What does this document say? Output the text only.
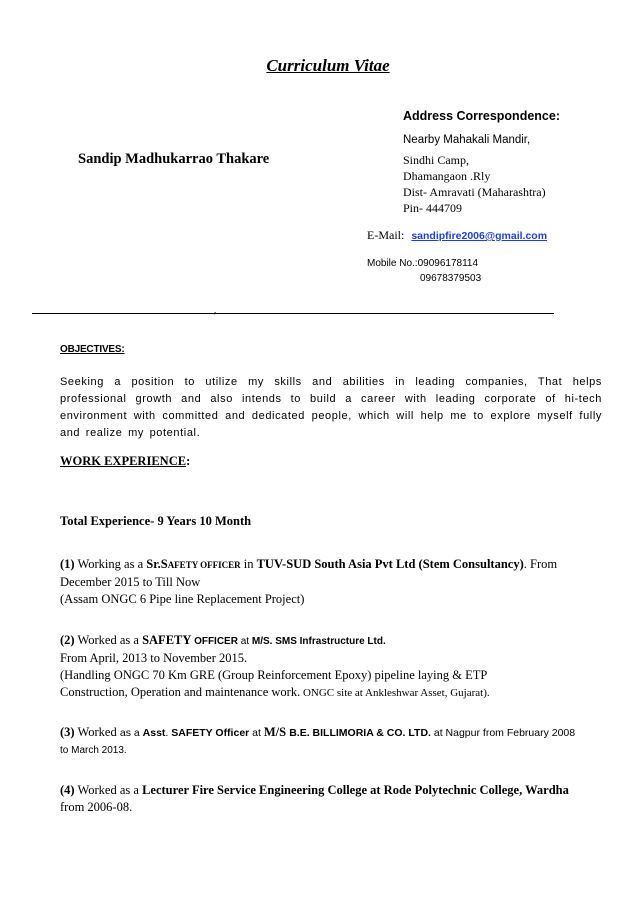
Curriculum Vitae
Sandip Madhukarrao Thakare
Address Correspondence:
Nearby Mahakali Mandir,
Sindhi Camp,
Dhamangaon .Rly
Dist- Amravati (Maharashtra)
Pin- 444709
E-Mail: sandipfire2006@gmail.com
Mobile No.:09096178114
09678379503
,
OBJECTIVES:
Seeking a position to utilize my skills and abilities in leading companies, That helps professional growth and also intends to build a career with leading corporate of hi-tech environment with committed and dedicated people, which will help me to explore myself fully and realize my potential.
WORK EXPERIENCE:
Total Experience- 9 Years 10 Month
(1) Working as a Sr.SAFETY OFFICER in TUV-SUD South Asia Pvt Ltd (Stem Consultancy). From
December 2015 to Till Now
(Assam ONGC 6 Pipe line Replacement Project)
(2) Worked as a SAFETY OFFICER at M/S. SMS Infrastructure Ltd.
From April, 2013 to November 2015.
(Handling ONGC 70 Km GRE (Group Reinforcement Epoxy) pipeline laying & ETP
Construction, Operation and maintenance work. ONGC site at Ankleshwar Asset, Gujarat).
(3) Worked as a Asst. SAFETY Officer at M/S B.E. BILLIMORIA & CO. LTD. at Nagpur from February 2008
to March 2013.
(4) Worked as a Lecturer Fire Service Engineering College at Rode Polytechnic College, Wardha
from 2006-08.
